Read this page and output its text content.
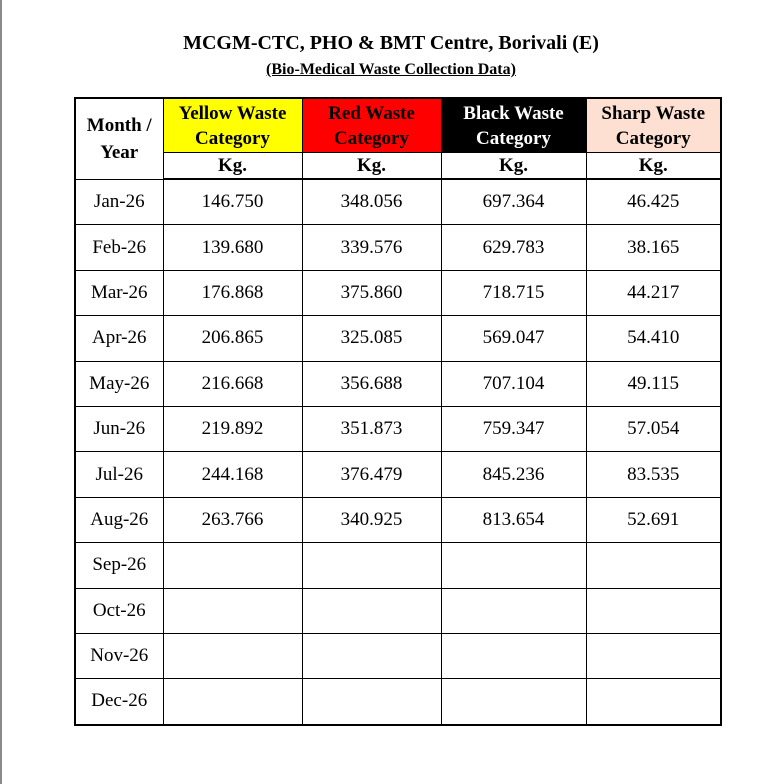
MCGM-CTC, PHO & BMT Centre, Borivali (E)
(Bio-Medical Waste Collection Data)
Month / Year	Yellow Waste Category	Red Waste Category	Black Waste Category	Sharp Waste Category
	Kg.	Kg.	Kg.	Kg.
Jan-26	146.750	348.056	697.364	46.425
Feb-26	139.680	339.576	629.783	38.165
Mar-26	176.868	375.860	718.715	44.217
Apr-26	206.865	325.085	569.047	54.410
May-26	216.668	356.688	707.104	49.115
Jun-26	219.892	351.873	759.347	57.054
Jul-26	244.168	376.479	845.236	83.535
Aug-26	263.766	340.925	813.654	52.691
Sep-26				
Oct-26				
Nov-26				
Dec-26				
